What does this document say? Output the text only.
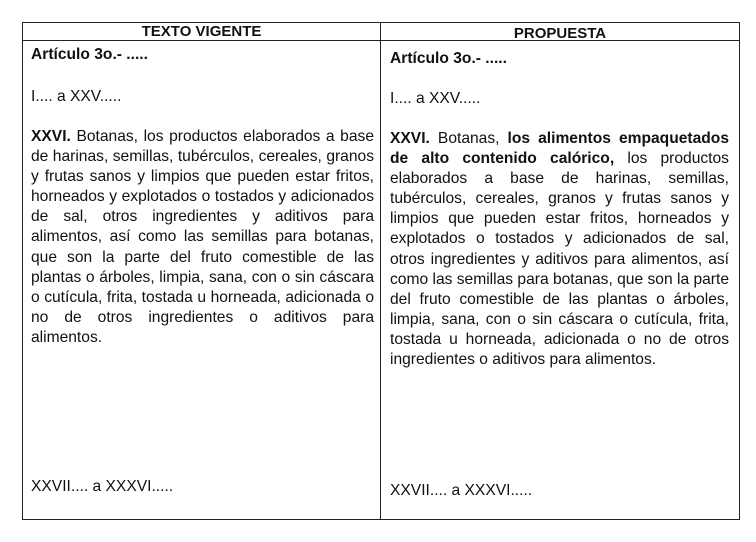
TEXTO VIGENTE	PROPUESTA
Artículo 3o.- .....
I.... a XXV.....

XXVI. Botanas, los productos elaborados a base de harinas, semillas, tubérculos, cereales, granos y frutas sanos y limpios que pueden estar fritos, horneados y explotados o tostados y adicionados de sal, otros ingredientes y aditivos para alimentos, así como las semillas para botanas, que son la parte del fruto comestible de las plantas o árboles, limpia, sana, con o sin cáscara o cutícula, frita, tostada u horneada, adicionada o no de otros ingredientes o aditivos para alimentos.

XXVII.... a XXXVI.....
Artículo 3o.- .....
I.... a XXV.....

XXVI. Botanas, los alimentos empaquetados de alto contenido calórico, los productos elaborados a base de harinas, semillas, tubérculos, cereales, granos y frutas sanos y limpios que pueden estar fritos, horneados y explotados o tostados y adicionados de sal, otros ingredientes y aditivos para alimentos, así como las semillas para botanas, que son la parte del fruto comestible de las plantas o árboles, limpia, sana, con o sin cáscara o cutícula, frita, tostada u horneada, adicionada o no de otros ingredientes o aditivos para alimentos.

XXVII.... a XXXVI.....
